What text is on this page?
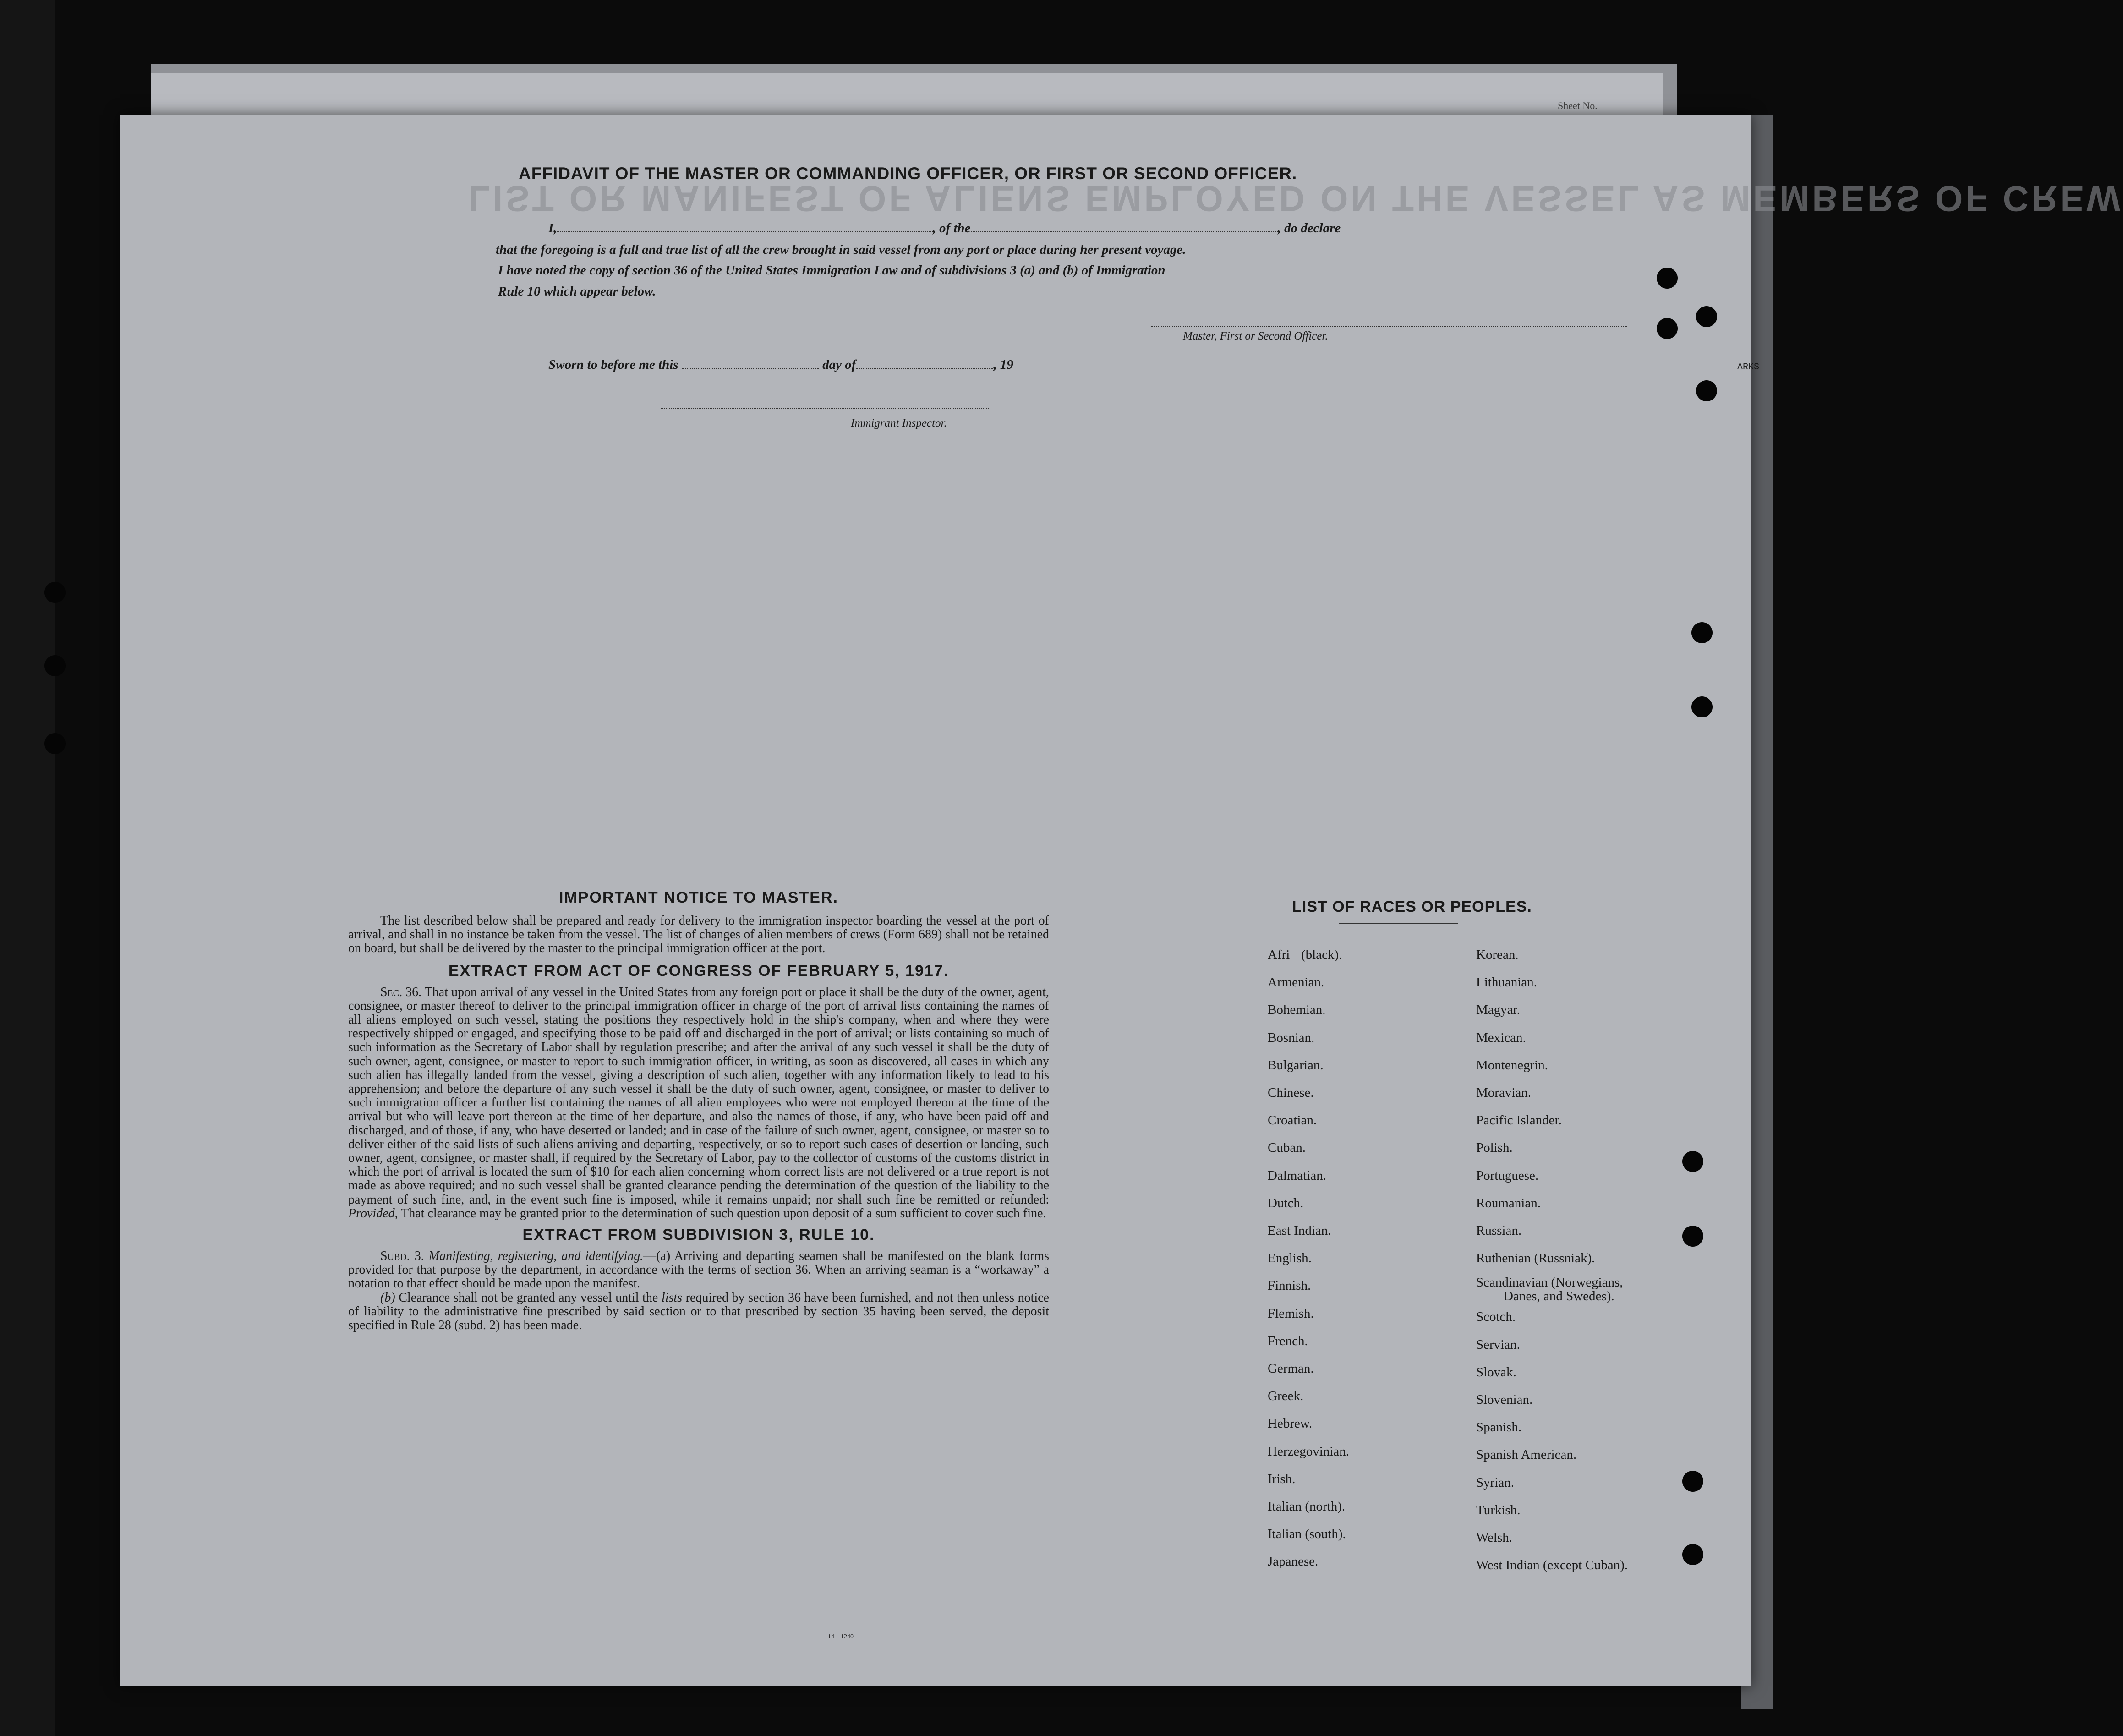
Sheet No.
LIST OR MANIFEST OF ALIENS EMPLOYED ON THE VESSEL AS MEMBERS OF CREW
ARKS
AFFIDAVIT OF THE MASTER OR COMMANDING OFFICER, OR FIRST OR SECOND OFFICER.
I,	, of the	, do declare
that the foregoing is a full and true list of all the crew brought in said vessel from any port or place during her present voyage.
I have noted the copy of section 36 of the United States Immigration Law and of subdivisions 3 (a) and (b) of Immigration
Rule 10 which appear below.
Master, First or Second Officer.
Sworn to before me this	day of	, 19
Immigrant Inspector.
IMPORTANT NOTICE TO MASTER.

The list described below shall be prepared and ready for delivery to the immigration inspector boarding the vessel at the port of arrival, and shall in no instance be taken from the vessel. The list of changes of alien members of crews (Form 689) shall not be retained on board, but shall be delivered by the master to the principal immigration officer at the port.

EXTRACT FROM ACT OF CONGRESS OF FEBRUARY 5, 1917.

Sec. 36. That upon arrival of any vessel in the United States from any foreign port or place it shall be the duty of the owner, agent, consignee, or master thereof to deliver to the principal immigration officer in charge of the port of arrival lists containing the names of all aliens employed on such vessel, stating the positions they respectively hold in the ship's company, when and where they were respectively shipped or engaged, and specifying those to be paid off and discharged in the port of arrival; or lists containing so much of such information as the Secretary of Labor shall by regulation prescribe; and after the arrival of any such vessel it shall be the duty of such owner, agent, consignee, or master to report to such immigration officer, in writing, as soon as discovered, all cases in which any such alien has illegally landed from the vessel, giving a description of such alien, together with any information likely to lead to his apprehension; and before the departure of any such vessel it shall be the duty of such owner, agent, consignee, or master to deliver to such immigration officer a further list containing the names of all alien employees who were not employed thereon at the time of the arrival but who will leave port thereon at the time of her departure, and also the names of those, if any, who have been paid off and discharged, and of those, if any, who have deserted or landed; and in case of the failure of such owner, agent, consignee, or master so to deliver either of the said lists of such aliens arriving and departing, respectively, or so to report such cases of desertion or landing, such owner, agent, consignee, or master shall, if required by the Secretary of Labor, pay to the collector of customs of the customs district in which the port of arrival is located the sum of $10 for each alien concerning whom correct lists are not delivered or a true report is not made as above required; and no such vessel shall be granted clearance pending the determination of the question of the liability to the payment of such fine, and, in the event such fine is imposed, while it remains unpaid; nor shall such fine be remitted or refunded: Provided, That clearance may be granted prior to the determination of such question upon deposit of a sum sufficient to cover such fine.

EXTRACT FROM SUBDIVISION 3, RULE 10.

Subd. 3. Manifesting, registering, and identifying.—(a) Arriving and departing seamen shall be manifested on the blank forms provided for that purpose by the department, in accordance with the terms of section 36. When an arriving seaman is a “workaway” a notation to that effect should be made upon the manifest.

(b) Clearance shall not be granted any vessel until the lists required by section 36 have been furnished, and not then unless notice of liability to the administrative fine prescribed by said section or to that prescribed by section 35 having been served, the deposit specified in Rule 28 (subd. 2) has been made.

14—1240
LIST OF RACES OR PEOPLES.
Afri    (black).
Armenian.
Bohemian.
Bosnian.
Bulgarian.
Chinese.
Croatian.
Cuban.
Dalmatian.
Dutch.
East Indian.
English.
Finnish.
Flemish.
French.
German.
Greek.
Hebrew.
Herzegovinian.
Irish.
Italian (north).
Italian (south).
Japanese.
Korean.
Lithuanian.
Magyar.
Mexican.
Montenegrin.
Moravian.
Pacific Islander.
Polish.
Portuguese.
Roumanian.
Russian.
Ruthenian (Russniak).
Scandinavian (Norwegians,
Danes, and Swedes).
Scotch.
Servian.
Slovak.
Slovenian.
Spanish.
Spanish American.
Syrian.
Turkish.
Welsh.
West Indian (except Cuban).
